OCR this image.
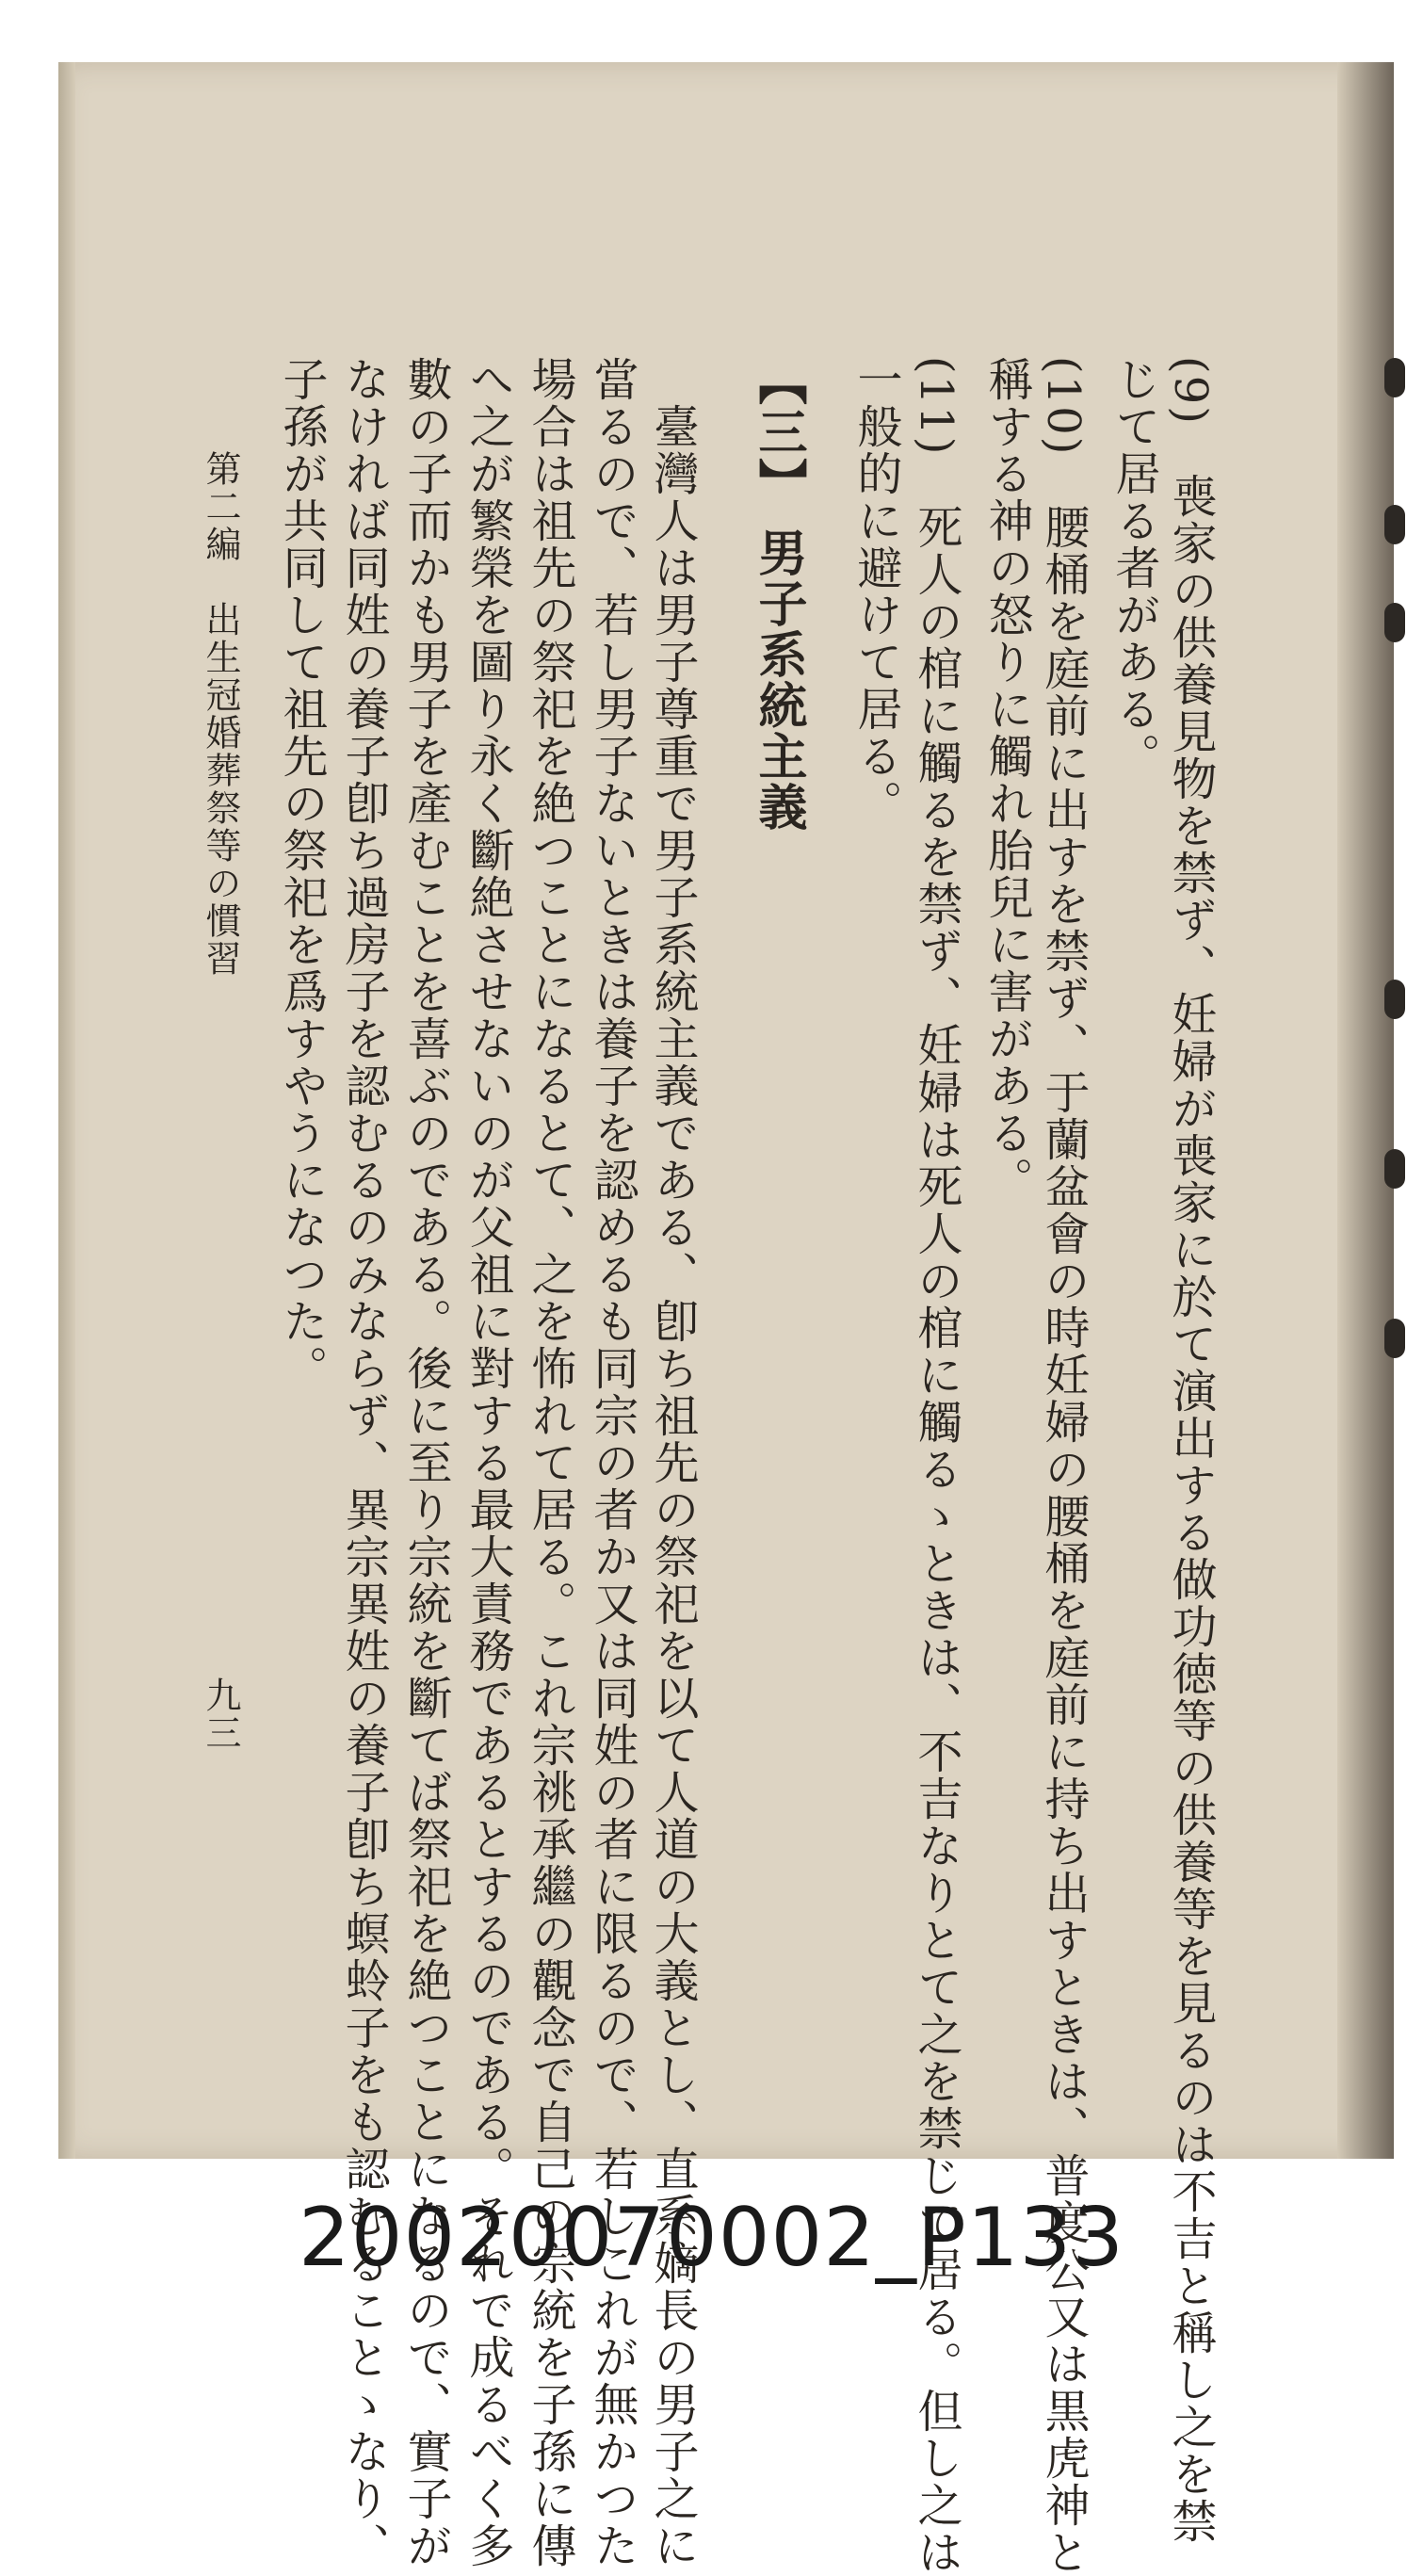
(9)　喪家の供養見物を禁ず、妊婦が喪家に於て演出する做功徳等の供養等を見るのは不吉と稱し之を禁
じて居る者がある。
(10)　腰桶を庭前に出すを禁ず、于蘭盆會の時妊婦の腰桶を庭前に持ち出すときは、普度公又は黒虎神と
稱する神の怒りに觸れ胎兒に害がある。
(11)　死人の棺に觸るを禁ず、妊婦は死人の棺に觸るゝときは、不吉なりとて之を禁じて居る。但し之は
一般的に避けて居る。
【三】 男子系統主義
　臺灣人は男子尊重で男子系統主義である、卽ち祖先の祭祀を以て人道の大義とし、直系嫡長の男子之に
當るので、若し男子ないときは養子を認めるも同宗の者か又は同姓の者に限るので、若しこれが無かつた
場合は祖先の祭祀を絶つことになるとて、之を怖れて居る。これ宗祧承繼の觀念で自己の宗統を子孫に傳
へ之が繁榮を圖り永く斷絶させないのが父祖に對する最大責務であるとするのである。それで成るべく多
數の子而かも男子を產むことを喜ぶのである。後に至り宗統を斷てば祭祀を絶つことになるので、實子が
なければ同姓の養子卽ち過房子を認むるのみならず、異宗異姓の養子卽ち螟蛉子をも認むることゝなり、
子孫が共同して祖先の祭祀を爲すやうになつた。
第二編　出生冠婚葬祭等の慣習
九三
20020070002_P133
